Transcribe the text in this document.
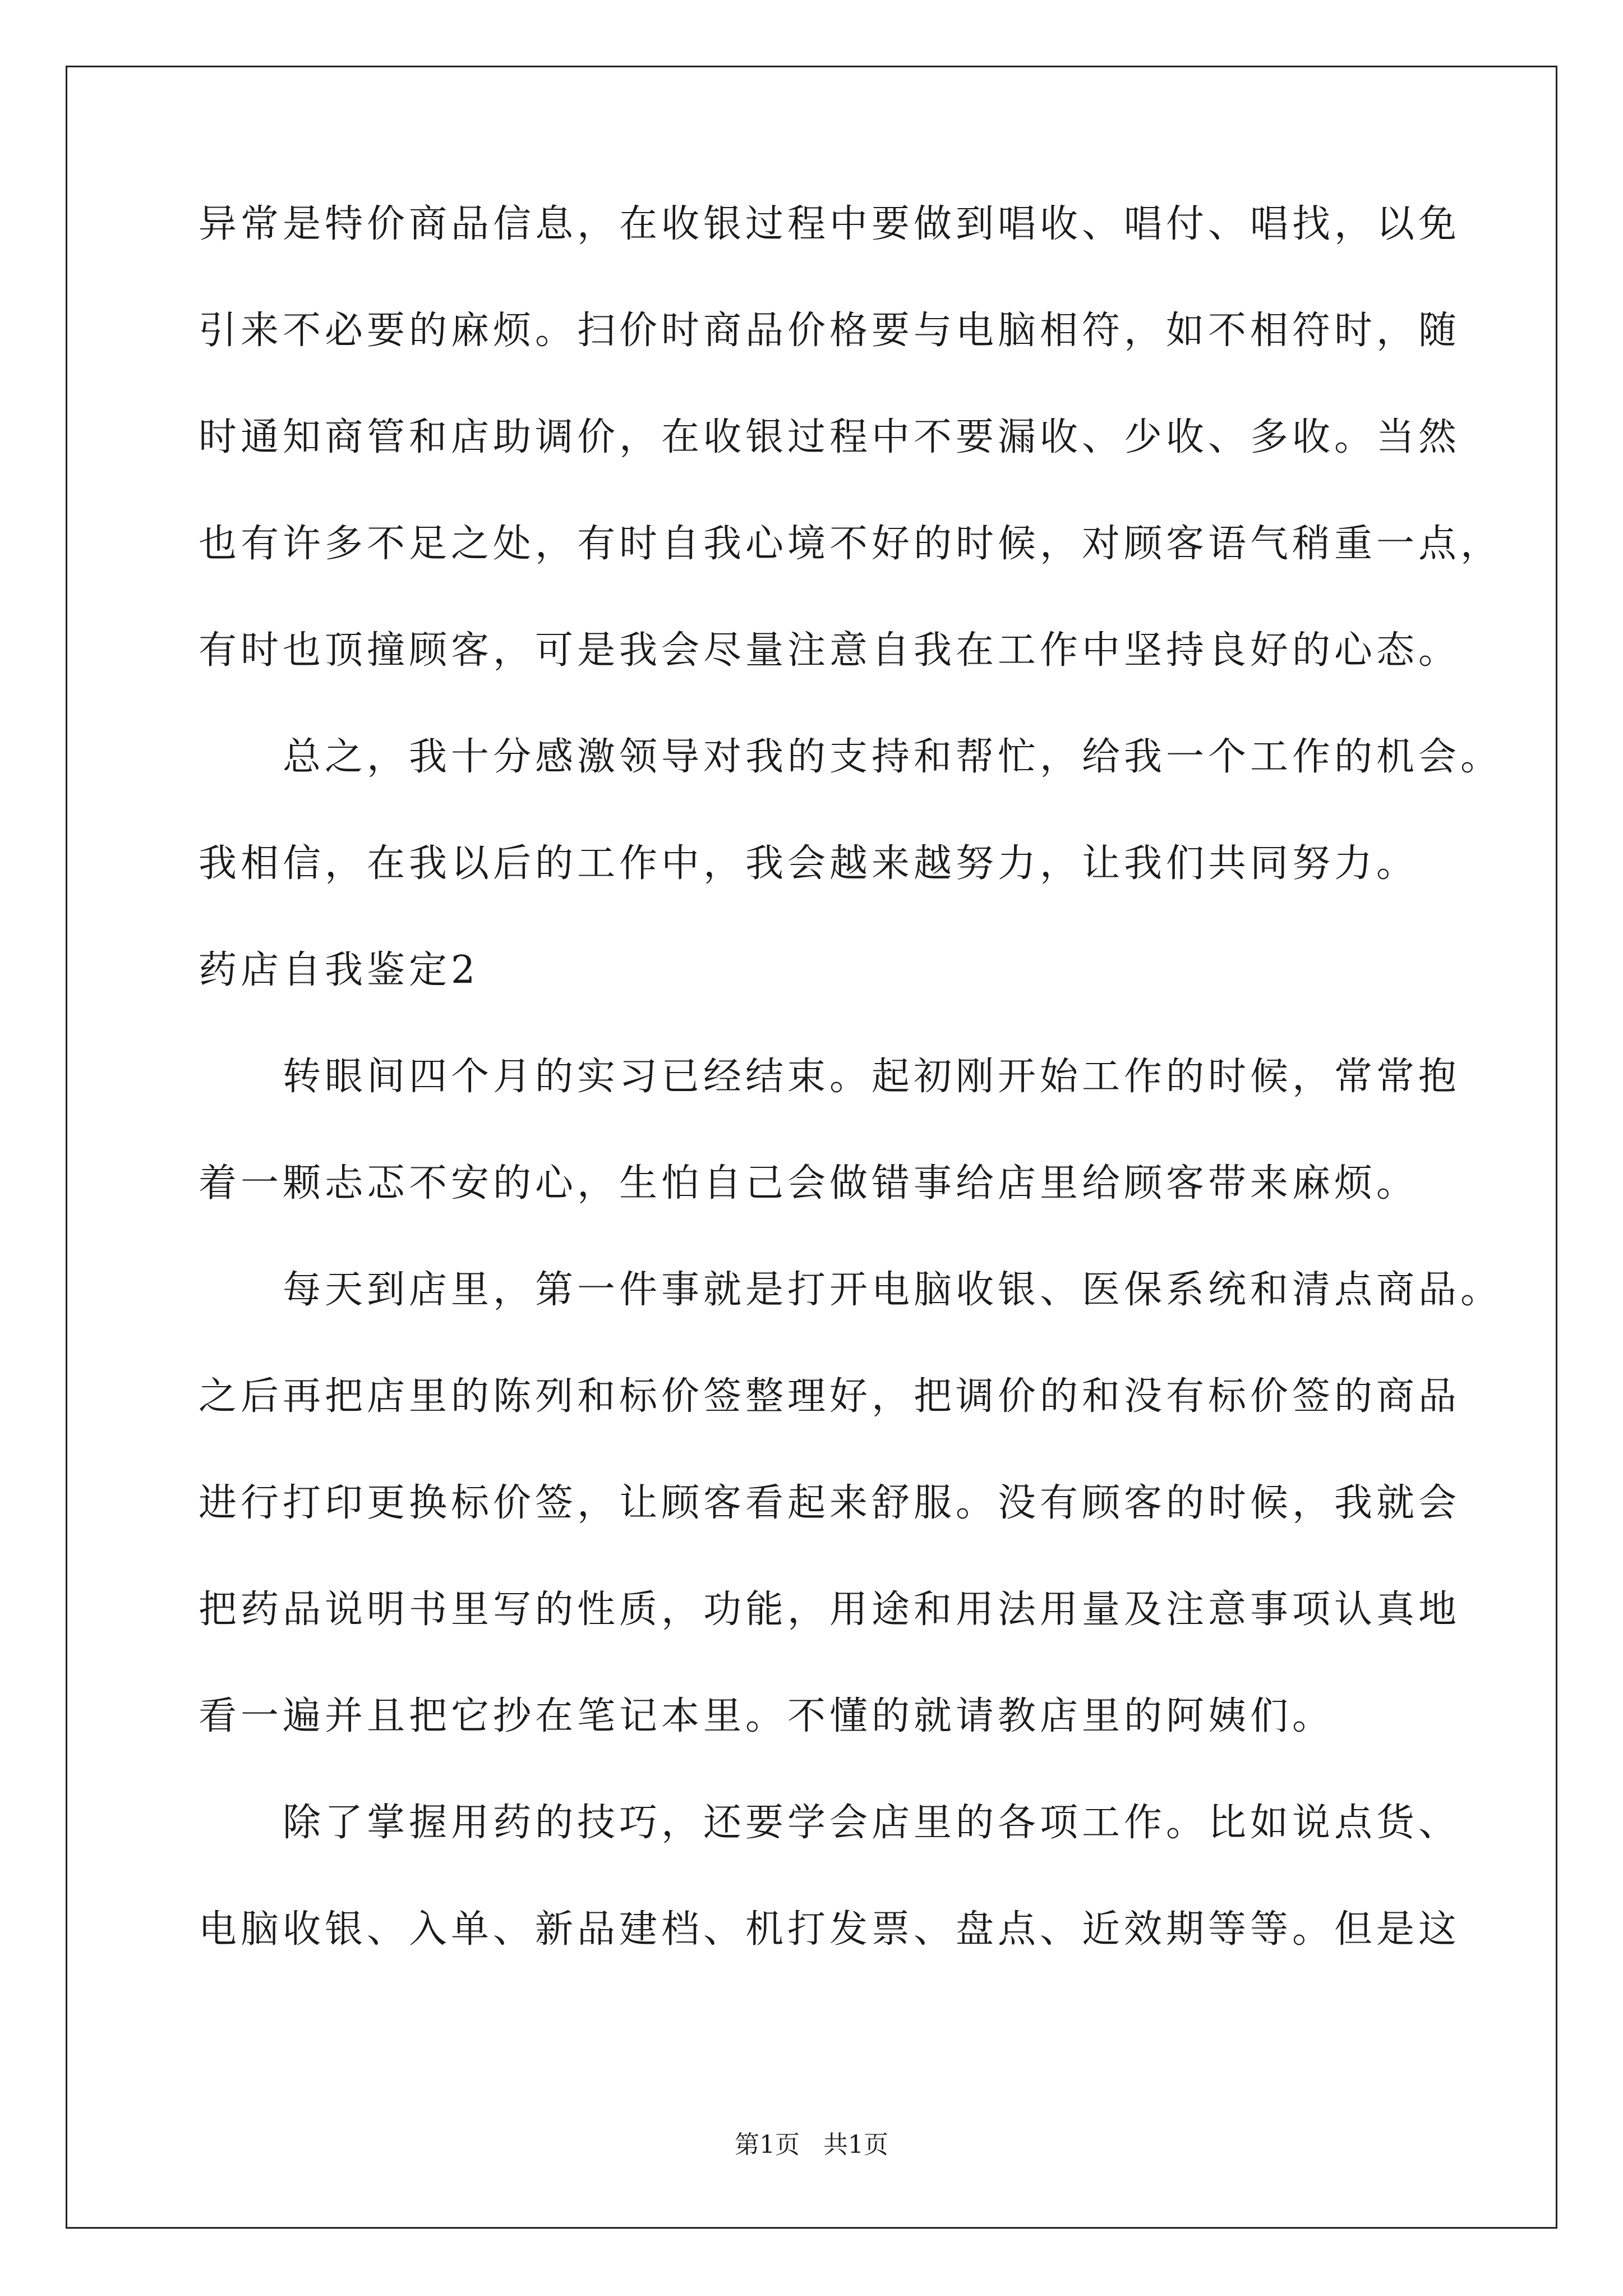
异常是特价商品信息，在收银过程中要做到唱收、唱付、唱找，以免
引来不必要的麻烦。扫价时商品价格要与电脑相符，如不相符时，随
时通知商管和店助调价，在收银过程中不要漏收、少收、多收。当然
也有许多不足之处，有时自我心境不好的时候，对顾客语气稍重一点，
有时也顶撞顾客，可是我会尽量注意自我在工作中坚持良好的心态。
　　总之，我十分感激领导对我的支持和帮忙，给我一个工作的机会。
我相信，在我以后的工作中，我会越来越努力，让我们共同努力。
药店自我鉴定2
　　转眼间四个月的实习已经结束。起初刚开始工作的时候，常常抱
着一颗忐忑不安的心，生怕自己会做错事给店里给顾客带来麻烦。
　　每天到店里，第一件事就是打开电脑收银、医保系统和清点商品。
之后再把店里的陈列和标价签整理好，把调价的和没有标价签的商品
进行打印更换标价签，让顾客看起来舒服。没有顾客的时候，我就会
把药品说明书里写的性质，功能，用途和用法用量及注意事项认真地
看一遍并且把它抄在笔记本里。不懂的就请教店里的阿姨们。
　　除了掌握用药的技巧，还要学会店里的各项工作。比如说点货、
电脑收银、入单、新品建档、机打发票、盘点、近效期等等。但是这
第1页 共1页
